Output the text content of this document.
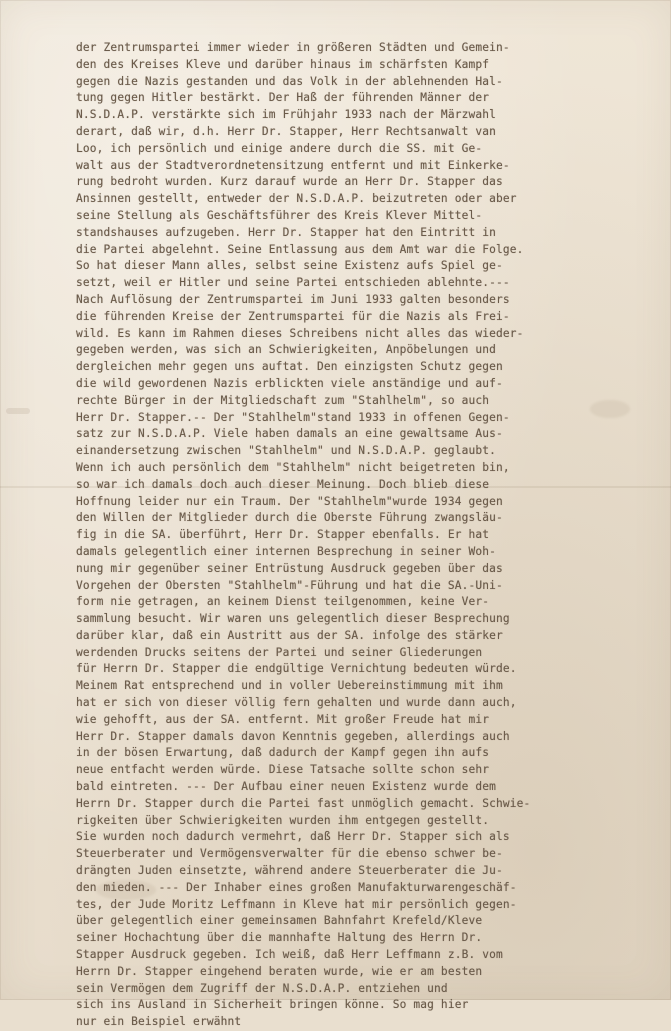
der Zentrumspartei immer wieder in größeren Städten und Gemein-
den des Kreises Kleve und darüber hinaus im schärfsten Kampf
gegen die Nazis gestanden und das Volk in der ablehnenden Hal-
tung gegen Hitler bestärkt. Der Haß der führenden Männer der
N.S.D.A.P. verstärkte sich im Frühjahr 1933 nach der Märzwahl
derart, daß wir, d.h. Herr Dr. Stapper, Herr Rechtsanwalt van
Loo, ich persönlich und einige andere durch die SS. mit Ge-
walt aus der Stadtverordnetensitzung entfernt und mit Einkerke-
rung bedroht wurden. Kurz darauf wurde an Herr Dr. Stapper das
Ansinnen gestellt, entweder der N.S.D.A.P. beizutreten oder aber
seine Stellung als Geschäftsführer des Kreis Klever Mittel-
standshauses aufzugeben. Herr Dr. Stapper hat den Eintritt in
die Partei abgelehnt. Seine Entlassung aus dem Amt war die Folge.
So hat dieser Mann alles, selbst seine Existenz aufs Spiel ge-
setzt, weil er Hitler und seine Partei entschieden ablehnte.---
Nach Auflösung der Zentrumspartei im Juni 1933 galten besonders
die führenden Kreise der Zentrumspartei für die Nazis als Frei-
wild. Es kann im Rahmen dieses Schreibens nicht alles das wieder-
gegeben werden, was sich an Schwierigkeiten, Anpöbelungen und
dergleichen mehr gegen uns auftat. Den einzigsten Schutz gegen
die wild gewordenen Nazis erblickten viele anständige und auf-
rechte Bürger in der Mitgliedschaft zum "Stahlhelm", so auch
Herr Dr. Stapper.-- Der "Stahlhelm"stand 1933 in offenen Gegen-
satz zur N.S.D.A.P. Viele haben damals an eine gewaltsame Aus-
einandersetzung zwischen "Stahlhelm" und N.S.D.A.P. geglaubt.
Wenn ich auch persönlich dem "Stahlhelm" nicht beigetreten bin,
so war ich damals doch auch dieser Meinung. Doch blieb diese
Hoffnung leider nur ein Traum. Der "Stahlhelm"wurde 1934 gegen
den Willen der Mitglieder durch die Oberste Führung zwangsläu-
fig in die SA. überführt, Herr Dr. Stapper ebenfalls. Er hat
damals gelegentlich einer internen Besprechung in seiner Woh-
nung mir gegenüber seiner Entrüstung Ausdruck gegeben über das
Vorgehen der Obersten "Stahlhelm"-Führung und hat die SA.-Uni-
form nie getragen, an keinem Dienst teilgenommen, keine Ver-
sammlung besucht. Wir waren uns gelegentlich dieser Besprechung
darüber klar, daß ein Austritt aus der SA. infolge des stärker
werdenden Drucks seitens der Partei und seiner Gliederungen
für Herrn Dr. Stapper die endgültige Vernichtung bedeuten würde.
Meinem Rat entsprechend und in voller Uebereinstimmung mit ihm
hat er sich von dieser völlig fern gehalten und wurde dann auch,
wie gehofft, aus der SA. entfernt. Mit großer Freude hat mir
Herr Dr. Stapper damals davon Kenntnis gegeben, allerdings auch
in der bösen Erwartung, daß dadurch der Kampf gegen ihn aufs
neue entfacht werden würde. Diese Tatsache sollte schon sehr
bald eintreten. --- Der Aufbau einer neuen Existenz wurde dem
Herrn Dr. Stapper durch die Partei fast unmöglich gemacht. Schwie-
rigkeiten über Schwierigkeiten wurden ihm entgegen gestellt.
Sie wurden noch dadurch vermehrt, daß Herr Dr. Stapper sich als
Steuerberater und Vermögensverwalter für die ebenso schwer be-
drängten Juden einsetzte, während andere Steuerberater die Ju-
den mieden. --- Der Inhaber eines großen Manufakturwarengeschäf-
tes, der Jude Moritz Leffmann in Kleve hat mir persönlich gegen-
über gelegentlich einer gemeinsamen Bahnfahrt Krefeld/Kleve
seiner Hochachtung über die mannhafte Haltung des Herrn Dr.
Stapper Ausdruck gegeben. Ich weiß, daß Herr Leffmann z.B. vom
Herrn Dr. Stapper eingehend beraten wurde, wie er am besten
sein Vermögen dem Zugriff der N.S.D.A.P. entziehen und
sich ins Ausland in Sicherheit bringen könne. So mag hier
nur ein Beispiel erwähnt
